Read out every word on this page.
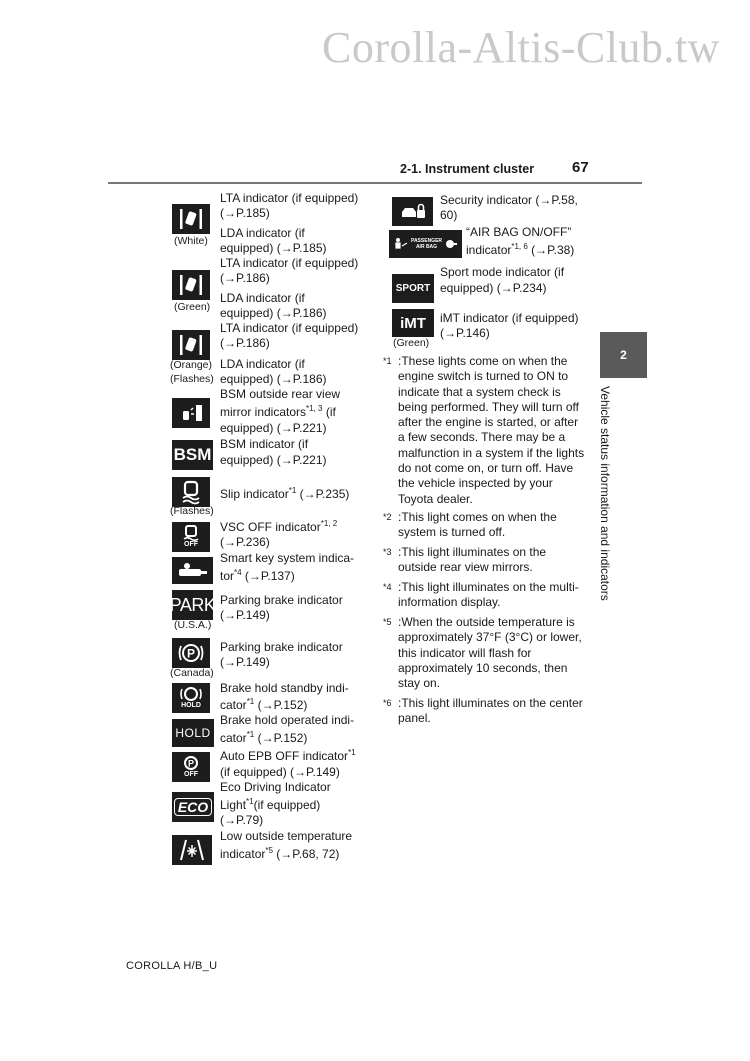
Corolla-Altis-Club.tw
2-1. Instrument cluster	67
2
Vehicle status information and indicators
(White)
(Green)
(Orange)
(Flashes)
BSM
(Flashes)
OFF
PARK
(U.S.A.)
P
(Canada)
HOLD
HOLD
P
OFF
ECO
PASSENGER
AIR BAG
SPORT
iMT
(Green)
LTA indicator (if equipped)
(→P.185)
LDA indicator (if
equipped) (→P.185)
LTA indicator (if equipped)
(→P.186)
LDA indicator (if
equipped) (→P.186)
LTA indicator (if equipped)
(→P.186)
LDA indicator (if
equipped) (→P.186)
BSM outside rear view
mirror indicators$^{*1, 3}$ (if
equipped) (→P.221)
BSM indicator (if
equipped) (→P.221)
Slip indicator$^{*1}$ (→P.235)
VSC OFF indicator$^{*1, 2}$
(→P.236)
Smart key system indica-
tor$^{*4}$ (→P.137)
Parking brake indicator
(→P.149)
Parking brake indicator
(→P.149)
Brake hold standby indi-
cator$^{*1}$ (→P.152)
Brake hold operated indi-
cator$^{*1}$ (→P.152)
Auto EPB OFF indicator$^{*1}$
(if equipped) (→P.149)
Eco Driving Indicator
Light$^{*1}$(if equipped)
(→P.79)
Low outside temperature
indicator$^{*5}$ (→P.68, 72)
Security indicator (→P.58,
60)
“AIR BAG ON/OFF”
indicator$^{*1, 6}$ (→P.38)
Sport mode indicator (if
equipped) (→P.234)
iMT indicator (if equipped)
(→P.146)
*1 :These lights come on when the engine switch is turned to ON to indicate that a system check is being performed. They will turn off after the engine is started, or after a few seconds. There may be a malfunction in a system if the lights do not come on, or turn off. Have the vehicle inspected by your Toyota dealer.
*2 :This light comes on when the system is turned off.
*3 :This light illuminates on the outside rear view mirrors.
*4 :This light illuminates on the multi-information display.
*5 :When the outside temperature is approximately 37°F (3°C) or lower, this indicator will flash for approximately 10 seconds, then stay on.
*6 :This light illuminates on the center panel.
COROLLA H/B_U
